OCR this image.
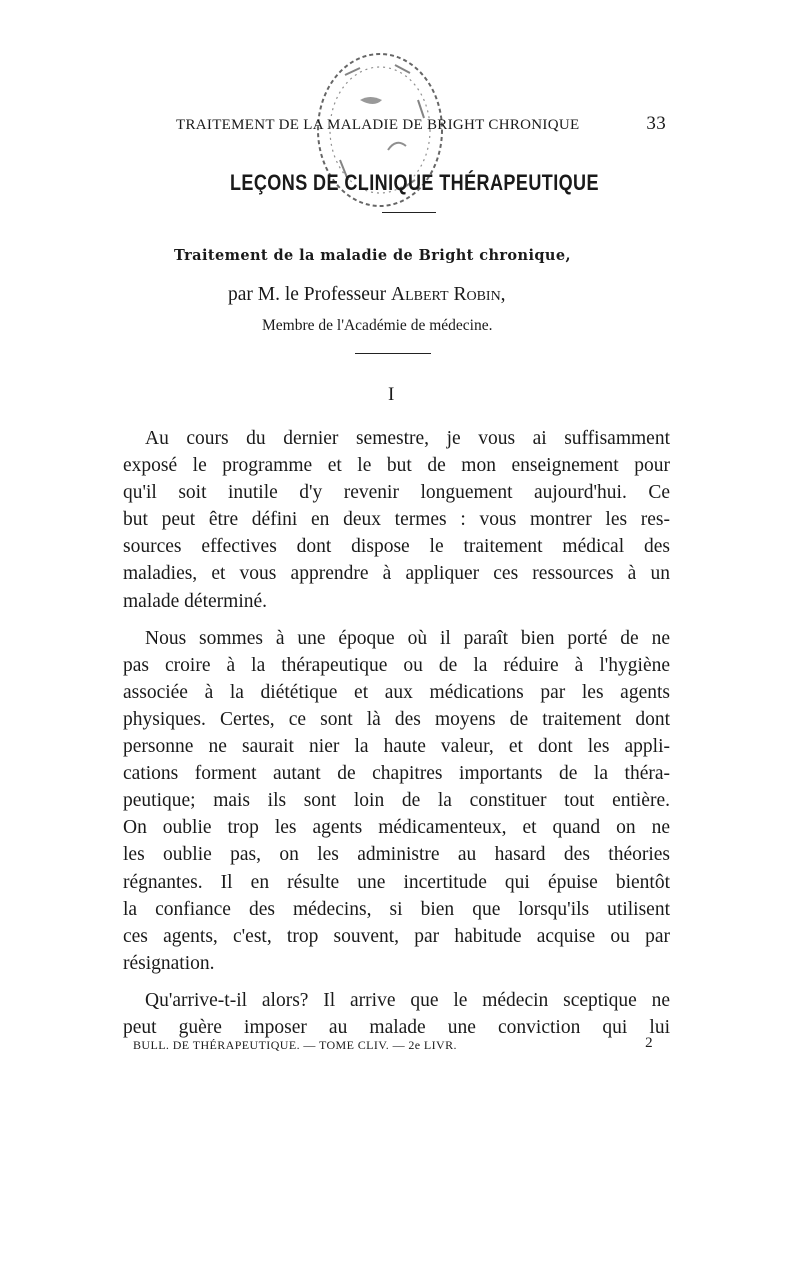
TRAITEMENT DE LA MALADIE DE BRIGHT CHRONIQUE	33
LEÇONS DE CLINIQUE THÉRAPEUTIQUE
Traitement de la maladie de Bright chronique,
par M. le Professeur Albert Robin,
Membre de l'Académie de médecine.
I
Au cours du dernier semestre, je vous ai suffisamment
exposé le programme et le but de mon enseignement pour
qu'il soit inutile d'y revenir longuement aujourd'hui. Ce
but peut être défini en deux termes : vous montrer les res-
sources effectives dont dispose le traitement médical des
maladies, et vous apprendre à appliquer ces ressources à un
malade déterminé.
Nous sommes à une époque où il paraît bien porté de ne
pas croire à la thérapeutique ou de la réduire à l'hygiène
associée à la diététique et aux médications par les agents
physiques. Certes, ce sont là des moyens de traitement dont
personne ne saurait nier la haute valeur, et dont les appli-
cations forment autant de chapitres importants de la théra-
peutique; mais ils sont loin de la constituer tout entière.
On oublie trop les agents médicamenteux, et quand on ne
les oublie pas, on les administre au hasard des théories
régnantes. Il en résulte une incertitude qui épuise bientôt
la confiance des médecins, si bien que lorsqu'ils utilisent
ces agents, c'est, trop souvent, par habitude acquise ou par
résignation.
Qu'arrive-t-il alors? Il arrive que le médecin sceptique ne
peut guère imposer au malade une conviction qui lui
BULL. DE THÉRAPEUTIQUE. — TOME CLIV. — 2e LIVR.	2
